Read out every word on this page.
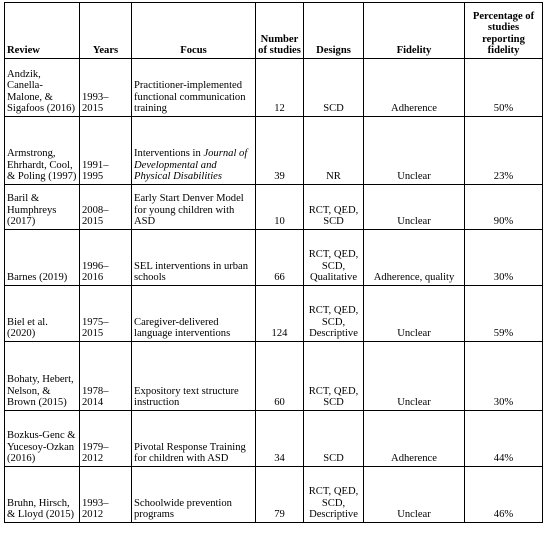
Review	Years	Focus	Number of studies	Designs	Fidelity	Percentage of studies reporting fidelity
Andzik, Canella-Malone, & Sigafoos (2016)	1993–2015	Practitioner-implemented functional communication training	12	SCD	Adherence	50%
Armstrong, Ehrhardt, Cool, & Poling (1997)	1991–1995	Interventions in Journal of Developmental and Physical Disabilities	39	NR	Unclear	23%
Baril & Humphreys (2017)	2008–2015	Early Start Denver Model for young children with ASD	10	RCT, QED, SCD	Unclear	90%
Barnes (2019)	1996–2016	SEL interventions in urban schools	66	RCT, QED, SCD, Qualitative	Adherence, quality	30%
Biel et al. (2020)	1975–2015	Caregiver-delivered language interventions	124	RCT, QED, SCD, Descriptive	Unclear	59%
Bohaty, Hebert, Nelson, & Brown (2015)	1978–2014	Expository text structure instruction	60	RCT, QED, SCD	Unclear	30%
Bozkus-Genc & Yucesoy-Ozkan (2016)	1979–2012	Pivotal Response Training for children with ASD	34	SCD	Adherence	44%
Bruhn, Hirsch, & Lloyd (2015)	1993–2012	Schoolwide prevention programs	79	RCT, QED, SCD, Descriptive	Unclear	46%
